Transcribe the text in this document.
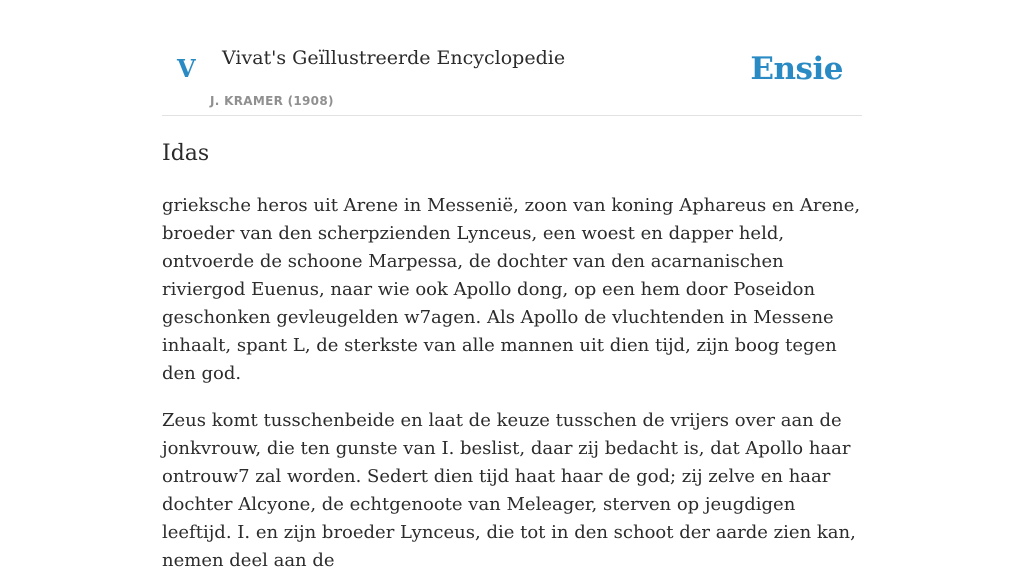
V Vivat's Geïllustreerde Encyclopedie
J. KRAMER (1908)
Ensie
Idas

grieksche heros uit Arene in Messenië, zoon van koning Aphareus en Arene, broeder van den scherpzienden Lynceus, een woest en dapper held, ontvoerde de schoone Marpessa, de dochter van den acarnanischen riviergod Euenus, naar wie ook Apollo dong, op een hem door Poseidon geschonken gevleugelden w7agen. Als Apollo de vluchtenden in Messene inhaalt, spant L, de sterkste van alle mannen uit dien tijd, zijn boog tegen den god.

Zeus komt tusschenbeide en laat de keuze tusschen de vrijers over aan de jonkvrouw, die ten gunste van I. beslist, daar zij bedacht is, dat Apollo haar ontrouw7 zal worden. Sedert dien tijd haat haar de god; zij zelve en haar dochter Alcyone, de echtgenoote van Meleager, sterven op jeugdigen leeftijd. I. en zijn broeder Lynceus, die tot in den schoot der aarde zien kan, nemen deel aan de
